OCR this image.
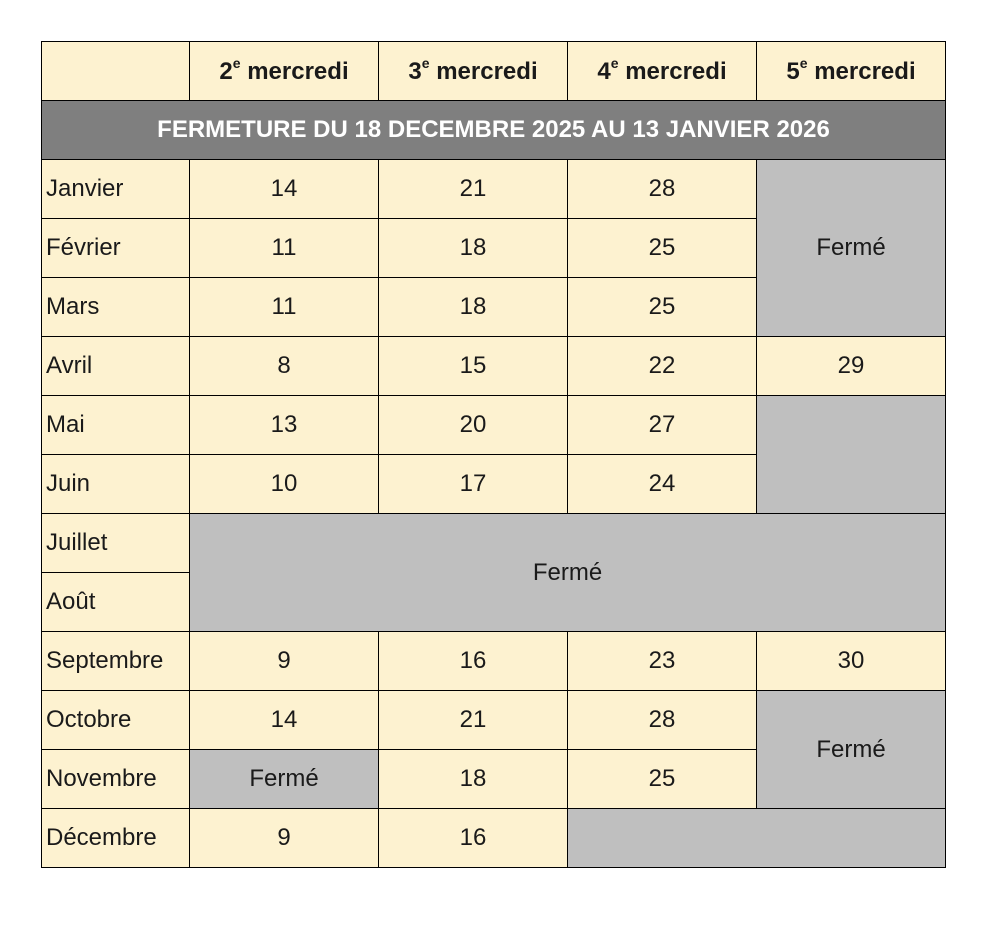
	2e mercredi	3e mercredi	4e mercredi	5e mercredi
FERMETURE DU 18 DECEMBRE 2025 AU 13 JANVIER 2026				
Janvier	14	21	28	Fermé
Février	11	18	25	
Mars	11	18	25	
Avril	8	15	22	29
Mai	13	20	27	
Juin	10	17	24	
Juillet	Fermé			
Août				
Septembre	9	16	23	30
Octobre	14	21	28	Fermé
Novembre	Fermé	18	25	
Décembre	9	16		
